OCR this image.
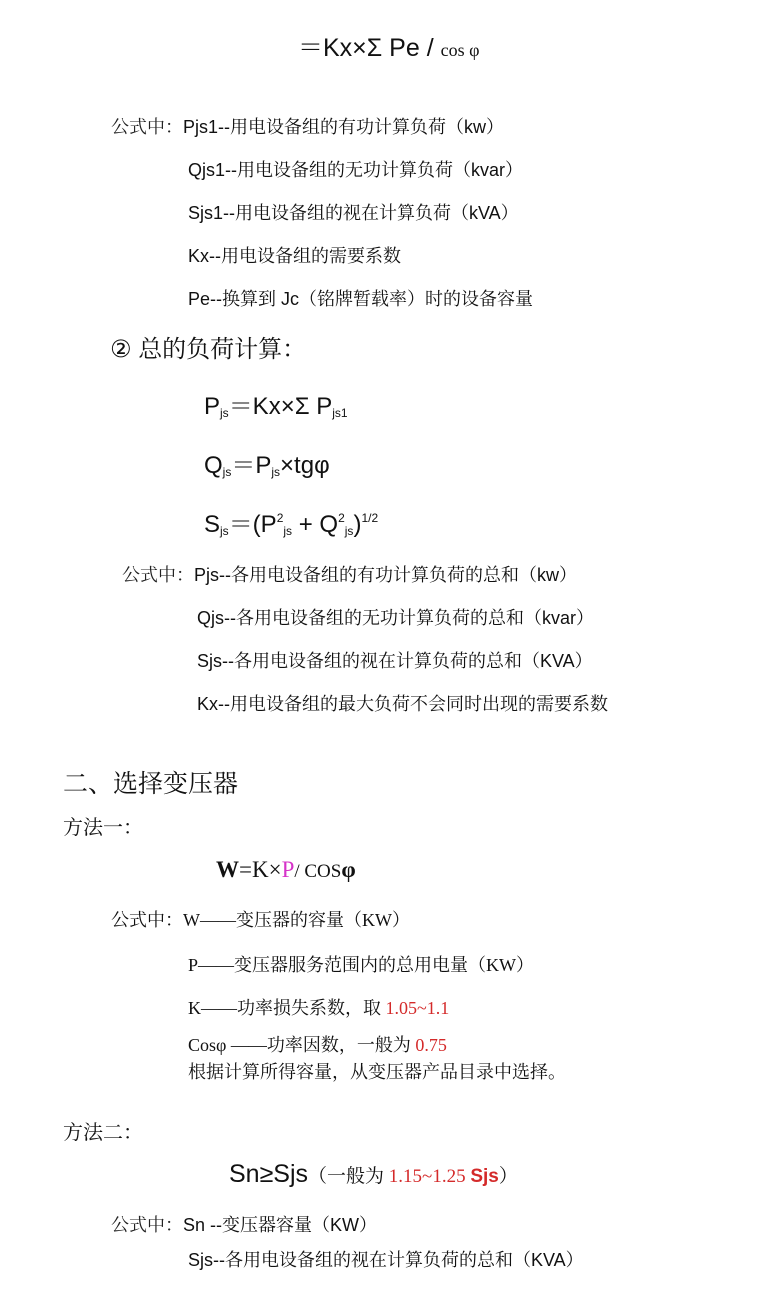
＝Kx×Σ Pe / cos φ
公式中：Pjs1--用电设备组的有功计算负荷（kw）
Qjs1--用电设备组的无功计算负荷（kvar）
Sjs1--用电设备组的视在计算负荷（kVA）
Kx--用电设备组的需要系数
Pe--换算到 Jc（铭牌暂载率）时的设备容量
② 总的负荷计算：
$P_{js}=Kx\times\Sigma$ $P_{js1}$
$Q_{js}=P_{js}\times tg\varphi$
$S_{js}=(P^2_{js} + Q^2_{js})^{1/2}$
公式中：Pjs--各用电设备组的有功计算负荷的总和（kw）
Qjs--各用电设备组的无功计算负荷的总和（kvar）
Sjs--各用电设备组的视在计算负荷的总和（KVA）
Kx--用电设备组的最大负荷不会同时出现的需要系数
二、选择变压器
方法一：
W=K×P/ COSφ
公式中：W——变压器的容量（KW）
P——变压器服务范围内的总用电量（KW）
K——功率损失系数，取 1.05~1.1
Cosφ ——功率因数，一般为 0.75
根据计算所得容量，从变压器产品目录中选择。
方法二：
Sn≥Sjs（一般为 1.15~1.25 Sjs）
公式中：Sn --变压器容量（KW）
Sjs--各用电设备组的视在计算负荷的总和（KVA）
